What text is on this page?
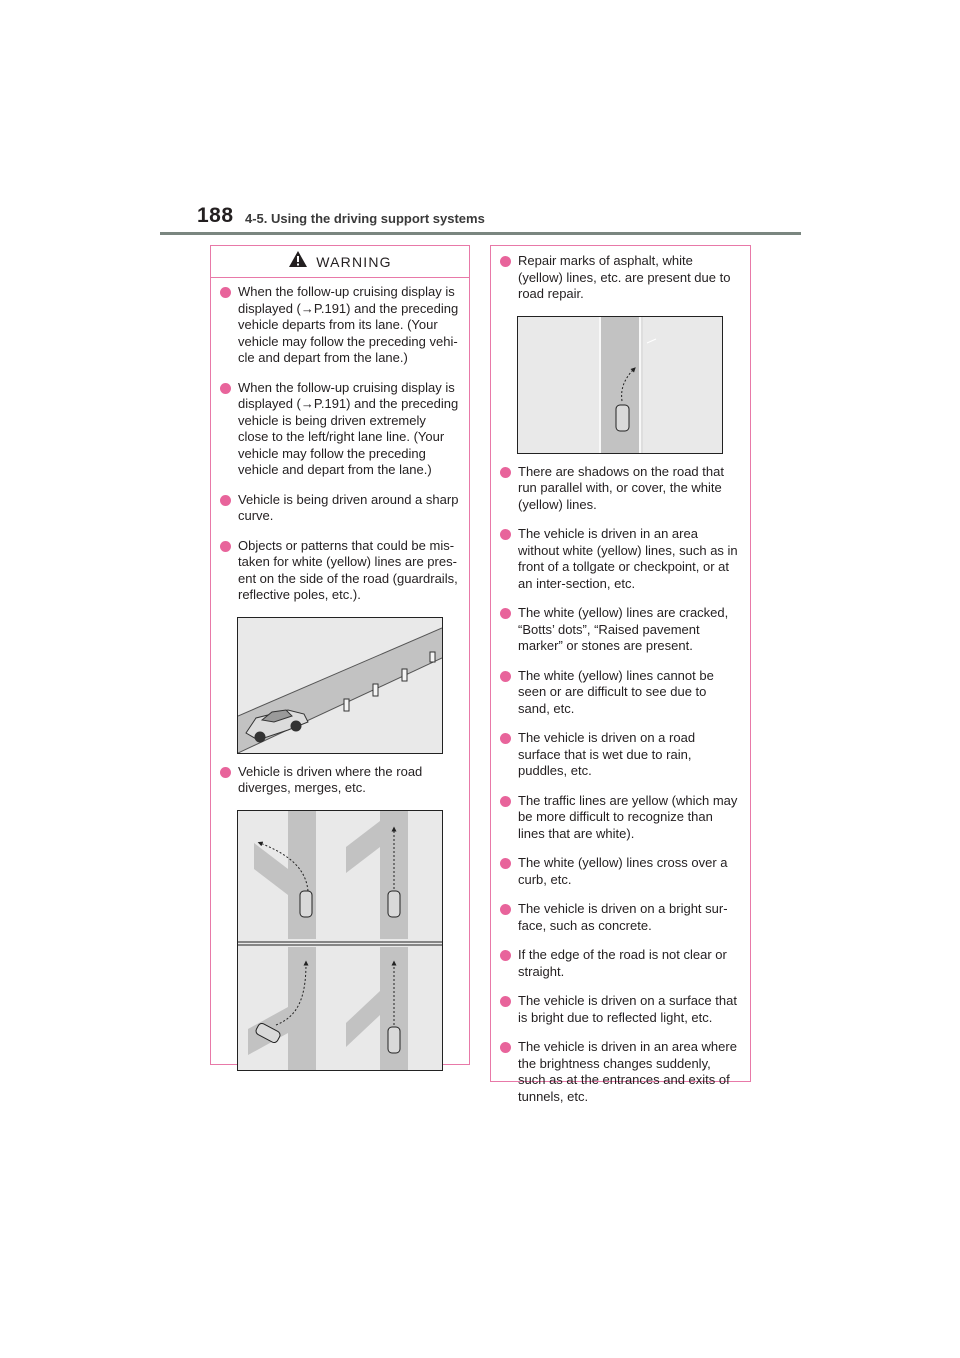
188 4-5. Using the driving support systems
WARNING
When the follow-up cruising display is displayed (→P.191) and the preceding vehicle departs from its lane. (Your vehicle may follow the preceding vehi-cle and depart from the lane.)
When the follow-up cruising display is displayed (→P.191) and the preceding vehicle is being driven extremely close to the left/right lane line. (Your vehicle may follow the preceding vehicle and depart from the lane.)
Vehicle is being driven around a sharp curve.
Objects or patterns that could be mis-taken for white (yellow) lines are pres-ent on the side of the road (guardrails, reflective poles, etc.).
Vehicle is driven where the road diverges, merges, etc.
Repair marks of asphalt, white (yellow) lines, etc. are present due to road repair.
There are shadows on the road that run parallel with, or cover, the white (yellow) lines.
The vehicle is driven in an area without white (yellow) lines, such as in front of a tollgate or checkpoint, or at an inter-section, etc.
The white (yellow) lines are cracked, “Botts’ dots”, “Raised pavement marker” or stones are present.
The white (yellow) lines cannot be seen or are difficult to see due to sand, etc.
The vehicle is driven on a road surface that is wet due to rain, puddles, etc.
The traffic lines are yellow (which may be more difficult to recognize than lines that are white).
The white (yellow) lines cross over a curb, etc.
The vehicle is driven on a bright sur-face, such as concrete.
If the edge of the road is not clear or straight.
The vehicle is driven on a surface that is bright due to reflected light, etc.
The vehicle is driven in an area where the brightness changes suddenly, such as at the entrances and exits of tunnels, etc.
